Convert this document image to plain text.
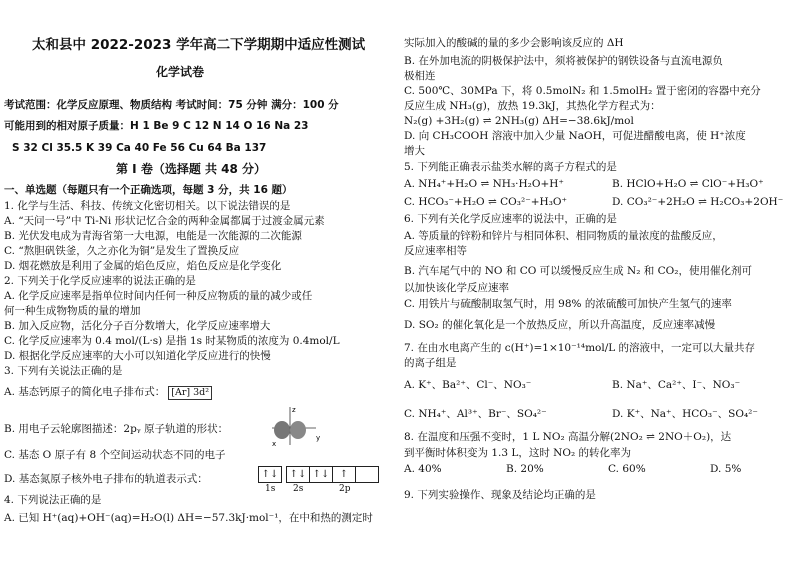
太和县中 2022-2023 学年高二下学期期中适应性测试
化学试卷
考试范围：化学反应原理、物质结构 考试时间：75 分钟 满分：100 分
可能用到的相对原子质量：H 1 Be 9 C 12 N 14 O 16 Na 23
S 32 Cl 35.5 K 39 Ca 40 Fe 56 Cu 64 Ba 137
第 I 卷（选择题 共 48 分）
一、单选题（每题只有一个正确选项，每题 3 分，共 16 题）
1. 化学与生活、科技、传统文化密切相关。以下说法错误的是
A. “天问一号”中 Ti-Ni 形状记忆合金的两种金属都属于过渡金属元素
B. 光伏发电成为青海省第一大电源，电能是一次能源的二次能源
C. “熬胆矾铁釜，久之亦化为铜”是发生了置换反应
D. 烟花燃放是利用了金属的焰色反应，焰色反应是化学变化
2. 下列关于化学反应速率的说法正确的是
A. 化学反应速率是指单位时间内任何一种反应物质的量的减少或任
何一种生成物物质的量的增加
B. 加入反应物，活化分子百分数增大，化学反应速率增大
C. 化学反应速率为 0.4 mol/(L·s) 是指 1s 时某物质的浓度为 0.4mol/L
D. 根据化学反应速率的大小可以知道化学反应进行的快慢
3. 下列有关说法正确的是
A. 基态钙原子的简化电子排布式： [Ar] 3d²
B. 用电子云轮廓图描述：2pᵧ 原子轨道的形状：
z
y
x
C. 基态 O 原子有 8 个空间运动状态不同的电子
D. 基态氮原子核外电子排布的轨道表示式：	↑↓	↑↓ ↑↓	↑
1s 2s	2p
4. 下列说法正确的是
A. 已知 H⁺(aq)+OH⁻(aq)=H₂O(l) ΔH=−57.3kJ·mol⁻¹，在中和热的测定时
实际加入的酸碱的量的多少会影响该反应的 ΔH
B. 在外加电流的阴极保护法中，须将被保护的钢铁设备与直流电源负
极相连
C. 500℃、30MPa 下，将 0.5molN₂ 和 1.5molH₂ 置于密闭的容器中充分
反应生成 NH₃(g)，放热 19.3kJ，其热化学方程式为：
N₂(g) +3H₂(g) ⇌ 2NH₃(g) ΔH=−38.6kJ/mol
D. 向 CH₃COOH 溶液中加入少量 NaOH，可促进醋酸电离，使 H⁺浓度
增大
5. 下列能正确表示盐类水解的离子方程式的是
A. NH₄⁺+H₂O ⇌ NH₃·H₂O+H⁺	B. HClO+H₂O ⇌ ClO⁻+H₃O⁺
C. HCO₃⁻+H₂O ⇌ CO₃²⁻+H₃O⁺	D. CO₃²⁻+2H₂O ⇌ H₂CO₃+2OH⁻
6. 下列有关化学反应速率的说法中，正确的是
A. 等质量的锌粉和锌片与相同体积、相同物质的量浓度的盐酸反应，
反应速率相等
B. 汽车尾气中的 NO 和 CO 可以缓慢反应生成 N₂ 和 CO₂，使用催化剂可
以加快该化学反应速率
C. 用铁片与硫酸制取氢气时，用 98% 的浓硫酸可加快产生氢气的速率
D. SO₂ 的催化氧化是一个放热反应，所以升高温度，反应速率减慢
7. 在由水电离产生的 c(H⁺)=1×10⁻¹⁴mol/L 的溶液中，一定可以大量共存
的离子组是
A. K⁺、Ba²⁺、Cl⁻、NO₃⁻	B. Na⁺、Ca²⁺、I⁻、NO₃⁻
C. NH₄⁺、Al³⁺、Br⁻、SO₄²⁻	D. K⁺、Na⁺、HCO₃⁻、SO₄²⁻
8. 在温度和压强不变时，1 L NO₂ 高温分解(2NO₂ ⇌ 2NO＋O₂)，达
到平衡时体积变为 1.3 L，这时 NO₂ 的转化率为
A. 40%	B. 20%	C. 60%	D. 5%
9. 下列实验操作、现象及结论均正确的是
